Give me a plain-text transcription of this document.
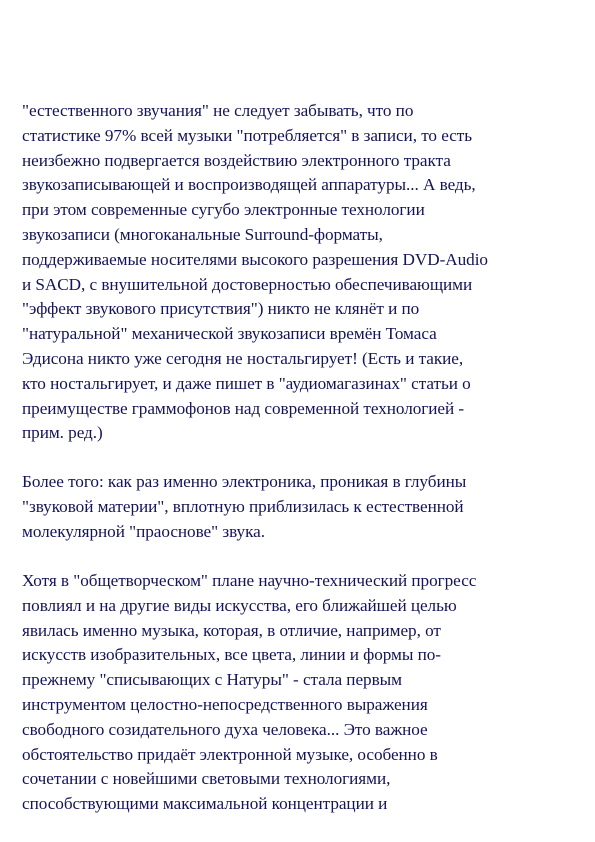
"естественного звучания" не следует забывать, что по
статистике 97% всей музыки "потребляется" в записи, то есть
неизбежно подвергается воздействию электронного тракта
звукозаписывающей и воспроизводящей аппаратуры... А ведь,
при этом современные сугубо электронные технологии
звукозаписи (многоканальные Surround-форматы,
поддерживаемые носителями высокого разрешения DVD-Audio
и SACD, с внушительной достоверностью обеспечивающими
"эффект звукового присутствия") никто не клянёт и по
"натуральной" механической звукозаписи времён Томаса
Эдисона никто уже сегодня не ностальгирует! (Есть и такие,
кто ностальгирует, и даже пишет в "аудиомагазинах" статьи о
преимуществе граммофонов над современной технологией -
прим. ред.)
Более того: как раз именно электроника, проникая в глубины
"звуковой материи", вплотную приблизилась к естественной
молекулярной "праоснове" звука.
Хотя в "общетворческом" плане научно-технический прогресс
повлиял и на другие виды искусства, его ближайшей целью
явилась именно музыка, которая, в отличие, например, от
искусств изобразительных, все цвета, линии и формы по-
прежнему "списывающих с Натуры" - стала первым
инструментом целостно-непосредственного выражения
свободного созидательного духа человека... Это важное
обстоятельство придаёт электронной музыке, особенно в
сочетании с новейшими световыми технологиями,
способствующими максимальной концентрации и
